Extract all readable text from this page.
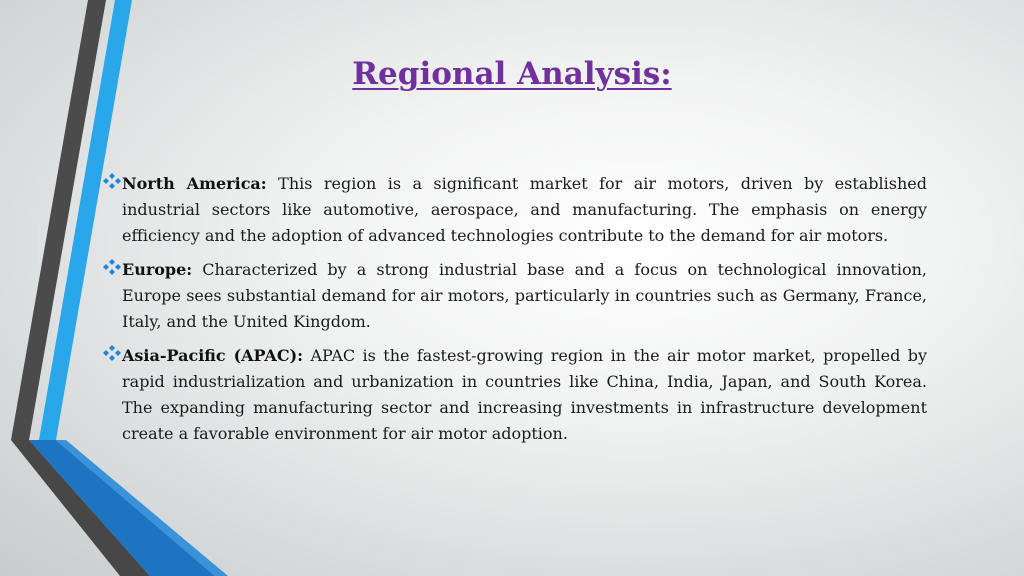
Regional Analysis:
North America: This region is a significant market for air motors, driven by established industrial sectors like automotive, aerospace, and manufacturing. The emphasis on energy efficiency and the adoption of advanced technologies contribute to the demand for air motors.
Europe: Characterized by a strong industrial base and a focus on technological innovation, Europe sees substantial demand for air motors, particularly in countries such as Germany, France, Italy, and the United Kingdom.
Asia-Pacific (APAC): APAC is the fastest-growing region in the air motor market, propelled by rapid industrialization and urbanization in countries like China, India, Japan, and South Korea. The expanding manufacturing sector and increasing investments in infrastructure development create a favorable environment for air motor adoption.
